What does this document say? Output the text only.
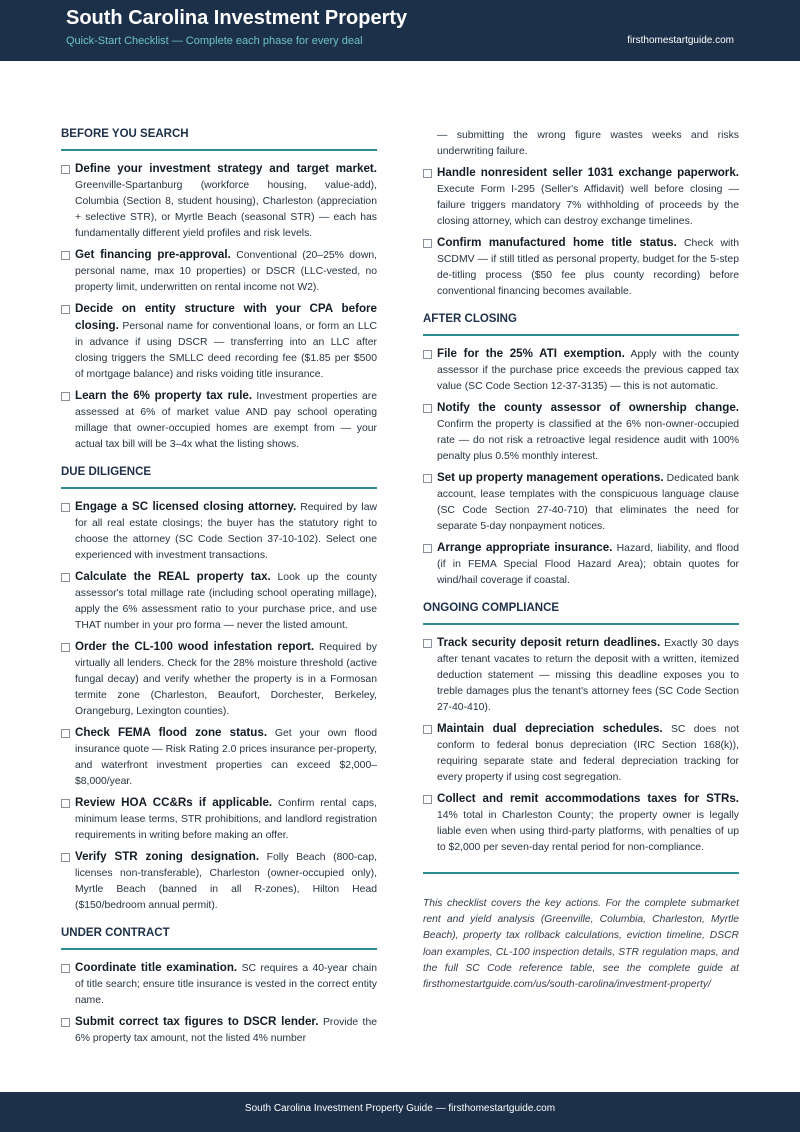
South Carolina Investment Property
Quick-Start Checklist — Complete each phase for every deal	firsthomestartguide.com
BEFORE YOU SEARCH
Define your investment strategy and target market. Greenville-Spartanburg (workforce housing, value-add), Columbia (Section 8, student housing), Charleston (appreciation + selective STR), or Myrtle Beach (seasonal STR) — each has fundamentally different yield profiles and risk levels.
Get financing pre-approval. Conventional (20–25% down, personal name, max 10 properties) or DSCR (LLC-vested, no property limit, underwritten on rental income not W2).
Decide on entity structure with your CPA before closing. Personal name for conventional loans, or form an LLC in advance if using DSCR — transferring into an LLC after closing triggers the SMLLC deed recording fee ($1.85 per $500 of mortgage balance) and risks voiding title insurance.
Learn the 6% property tax rule. Investment properties are assessed at 6% of market value AND pay school operating millage that owner-occupied homes are exempt from — your actual tax bill will be 3–4x what the listing shows.
DUE DILIGENCE
Engage a SC licensed closing attorney. Required by law for all real estate closings; the buyer has the statutory right to choose the attorney (SC Code Section 37-10-102). Select one experienced with investment transactions.
Calculate the REAL property tax. Look up the county assessor's total millage rate (including school operating millage), apply the 6% assessment ratio to your purchase price, and use THAT number in your pro forma — never the listed amount.
Order the CL-100 wood infestation report. Required by virtually all lenders. Check for the 28% moisture threshold (active fungal decay) and verify whether the property is in a Formosan termite zone (Charleston, Beaufort, Dorchester, Berkeley, Orangeburg, Lexington counties).
Check FEMA flood zone status. Get your own flood insurance quote — Risk Rating 2.0 prices insurance per-property, and waterfront investment properties can exceed $2,000–$8,000/year.
Review HOA CC&Rs if applicable. Confirm rental caps, minimum lease terms, STR prohibitions, and landlord registration requirements in writing before making an offer.
Verify STR zoning designation. Folly Beach (800-cap, licenses non-transferable), Charleston (owner-occupied only), Myrtle Beach (banned in all R-zones), Hilton Head ($150/bedroom annual permit).
UNDER CONTRACT
Coordinate title examination. SC requires a 40-year chain of title search; ensure title insurance is vested in the correct entity name.
Submit correct tax figures to DSCR lender. Provide the 6% property tax amount, not the listed 4% number
— submitting the wrong figure wastes weeks and risks underwriting failure.
Handle nonresident seller 1031 exchange paperwork. Execute Form I-295 (Seller's Affidavit) well before closing — failure triggers mandatory 7% withholding of proceeds by the closing attorney, which can destroy exchange timelines.
Confirm manufactured home title status. Check with SCDMV — if still titled as personal property, budget for the 5-step de-titling process ($50 fee plus county recording) before conventional financing becomes available.
AFTER CLOSING
File for the 25% ATI exemption. Apply with the county assessor if the purchase price exceeds the previous capped tax value (SC Code Section 12-37-3135) — this is not automatic.
Notify the county assessor of ownership change. Confirm the property is classified at the 6% non-owner-occupied rate — do not risk a retroactive legal residence audit with 100% penalty plus 0.5% monthly interest.
Set up property management operations. Dedicated bank account, lease templates with the conspicuous language clause (SC Code Section 27-40-710) that eliminates the need for separate 5-day nonpayment notices.
Arrange appropriate insurance. Hazard, liability, and flood (if in FEMA Special Flood Hazard Area); obtain quotes for wind/hail coverage if coastal.
ONGOING COMPLIANCE
Track security deposit return deadlines. Exactly 30 days after tenant vacates to return the deposit with a written, itemized deduction statement — missing this deadline exposes you to treble damages plus the tenant's attorney fees (SC Code Section 27-40-410).
Maintain dual depreciation schedules. SC does not conform to federal bonus depreciation (IRC Section 168(k)), requiring separate state and federal depreciation tracking for every property if using cost segregation.
Collect and remit accommodations taxes for STRs. 14% total in Charleston County; the property owner is legally liable even when using third-party platforms, with penalties of up to $2,000 per seven-day rental period for non-compliance.
This checklist covers the key actions. For the complete submarket rent and yield analysis (Greenville, Columbia, Charleston, Myrtle Beach), property tax rollback calculations, eviction timeline, DSCR loan examples, CL-100 inspection details, STR regulation maps, and the full SC Code reference table, see the complete guide at firsthomestartguide.com/us/south-carolina/investment-property/
South Carolina Investment Property Guide — firsthomestartguide.com
